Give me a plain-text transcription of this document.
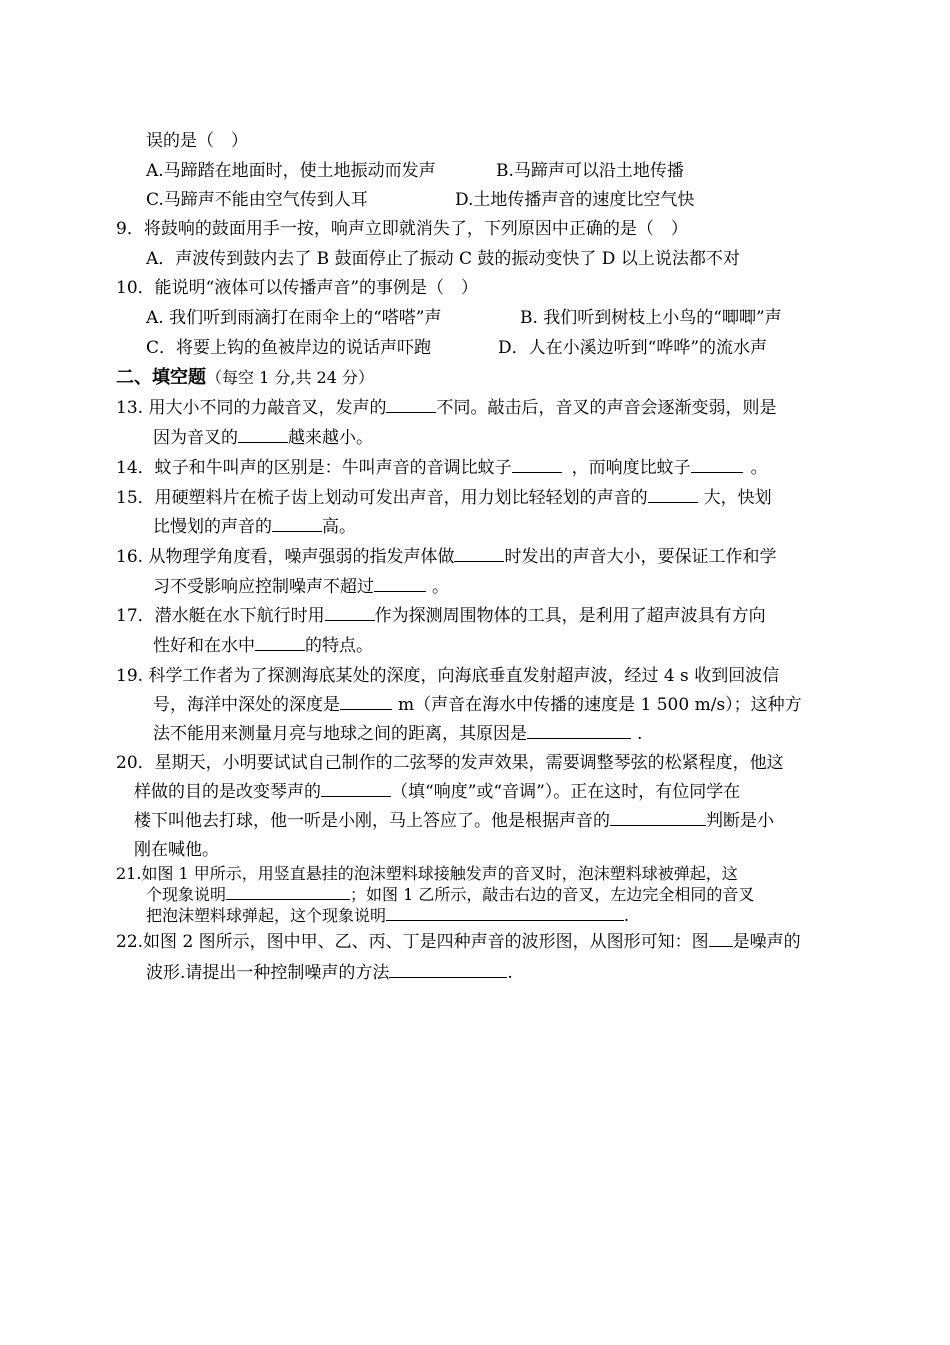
误的是（　）
A.马蹄踏在地面时，使土地振动而发声	B.马蹄声可以沿土地传播
C.马蹄声不能由空气传到人耳	D.土地传播声音的速度比空气快
9．将鼓响的鼓面用手一按，响声立即就消失了，下列原因中正确的是（　）
A．声波传到鼓内去了 B 鼓面停止了振动 C 鼓的振动变快了 D 以上说法都不对
10．能说明“液体可以传播声音”的事例是（　）
A. 我们听到雨滴打在雨伞上的“嗒嗒”声	B. 我们听到树枝上小鸟的“唧唧”声
C．将要上钩的鱼被岸边的说话声吓跑	D．人在小溪边听到“哗哗”的流水声
二、填空题（每空 1 分,共 24 分）
13. 用大小不同的力敲音叉，发声的	不同。敲击后，音叉的声音会逐渐变弱，则是
因为音叉的	越来越小。
14．蚊子和牛叫声的区别是：牛叫声音的音调比蚊子	，而响度比蚊子	。
15．用硬塑料片在梳子齿上划动可发出声音，用力划比轻轻划的声音的	大，快划
比慢划的声音的	高。
16. 从物理学角度看，噪声强弱的指发声体做	时发出的声音大小，要保证工作和学
习不受影响应控制噪声不超过	。
17．潜水艇在水下航行时用	作为探测周围物体的工具，是利用了超声波具有方向
性好和在水中	的特点。
19. 科学工作者为了探测海底某处的深度，向海底垂直发射超声波，经过 4 s 收到回波信
号，海洋中深处的深度是	m（声音在海水中传播的速度是 1 500 m/s）；这种方
法不能用来测量月亮与地球之间的距离，其原因是	.
20．星期天，小明要试试自己制作的二弦琴的发声效果，需要调整琴弦的松紧程度，他这
样做的目的是改变琴声的	（填“响度”或“音调”）。正在这时，有位同学在
楼下叫他去打球，他一听是小刚，马上答应了。他是根据声音的	判断是小
刚在喊他。
21.如图 1 甲所示，用竖直悬挂的泡沫塑料球接触发声的音叉时，泡沫塑料球被弹起，这
个现象说明	；如图 1 乙所示，敲击右边的音叉，左边完全相同的音叉
把泡沫塑料球弹起，这个现象说明	.
22.如图 2 图所示，图中甲、乙、丙、丁是四种声音的波形图，从图形可知：图 是噪声的
波形.请提出一种控制噪声的方法	.
